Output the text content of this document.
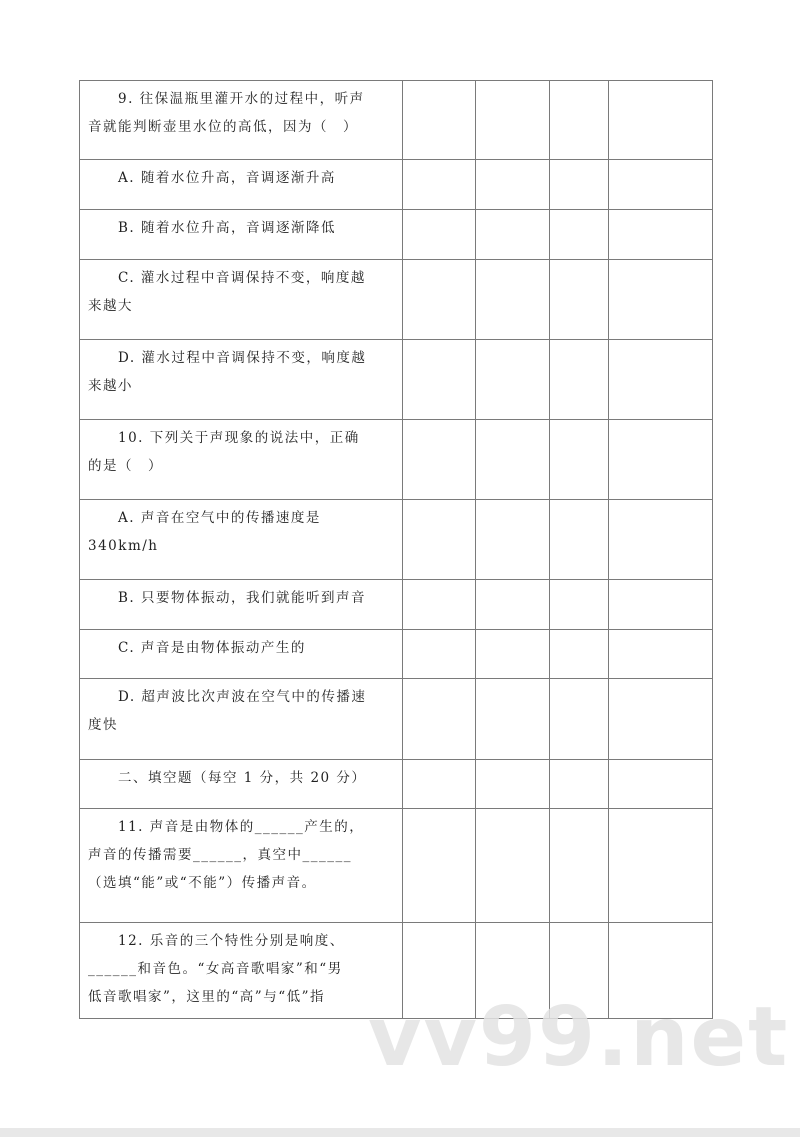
9. 往保温瓶里灌开水的过程中，听声
音就能判断壶里水位的高低，因为（　）				
A. 随着水位升高，音调逐渐升高				
B. 随着水位升高，音调逐渐降低				
C. 灌水过程中音调保持不变，响度越
来越大				
D. 灌水过程中音调保持不变，响度越
来越小				
10. 下列关于声现象的说法中，正确
的是（　）				
A. 声音在空气中的传播速度是
340km/h				
B. 只要物体振动，我们就能听到声音				
C. 声音是由物体振动产生的				
D. 超声波比次声波在空气中的传播速
度快				
二、填空题（每空 1 分，共 20 分）				
11. 声音是由物体的______产生的，
声音的传播需要______，真空中______
（选填“能”或“不能”）传播声音。				
12. 乐音的三个特性分别是响度、
______和音色。“女高音歌唱家”和“男
低音歌唱家”，这里的“高”与“低”指				vv99.net
